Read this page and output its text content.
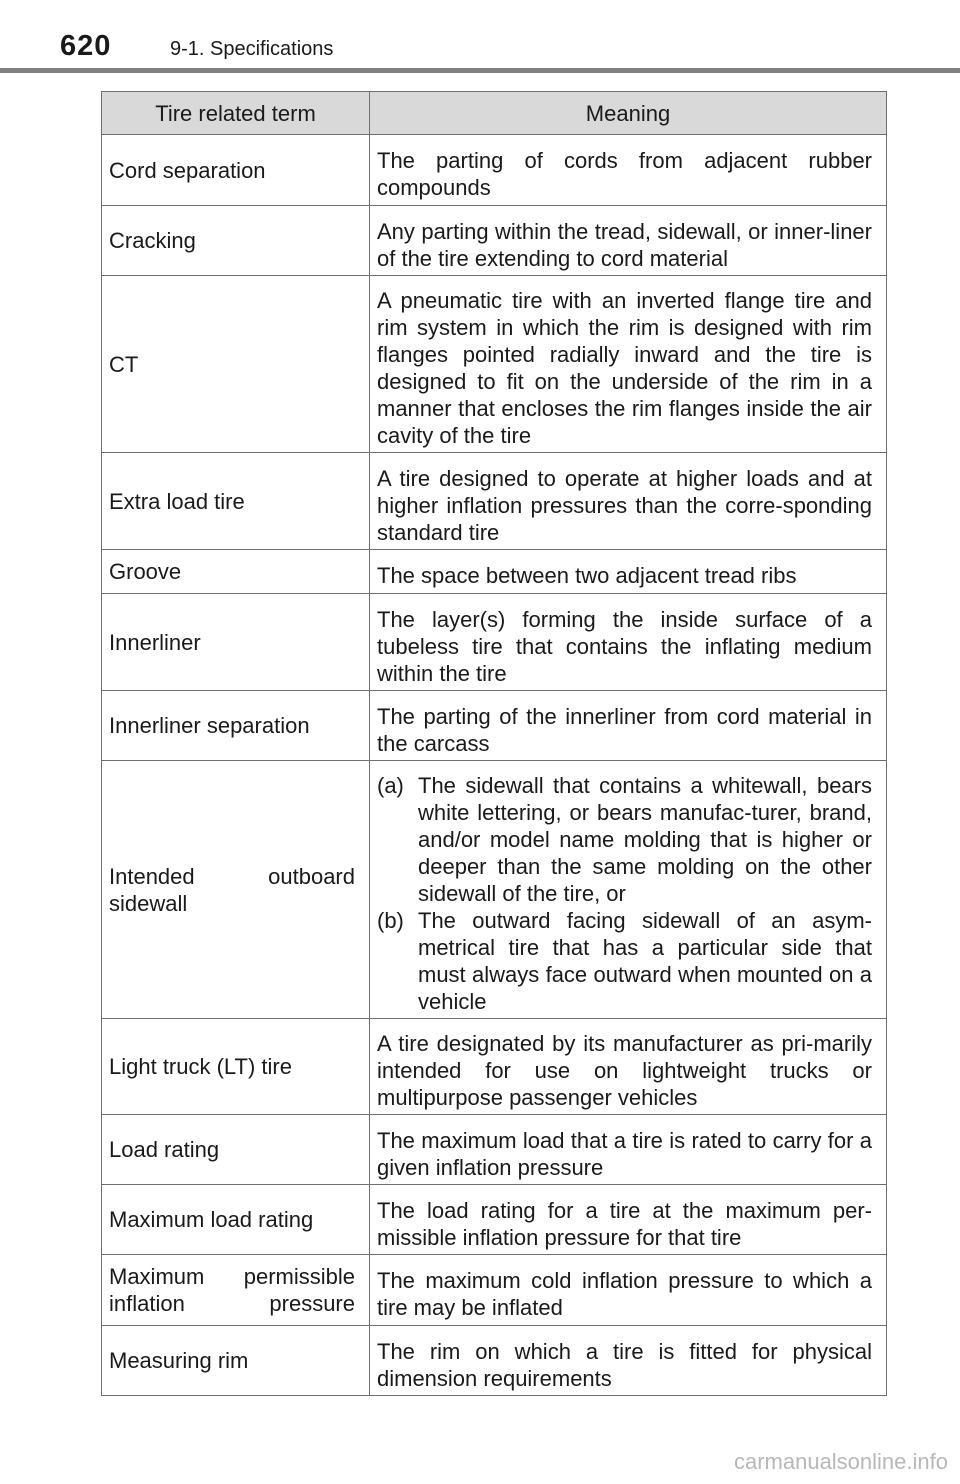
620	9-1. Specifications
Tire related term	Meaning
Cord separation	The parting of cords from adjacent rubber compounds
Cracking	Any parting within the tread, sidewall, or inner-liner of the tire extending to cord material
CT	A pneumatic tire with an inverted flange tire and rim system in which the rim is designed with rim flanges pointed radially inward and the tire is designed to fit on the underside of the rim in a manner that encloses the rim flanges inside the air cavity of the tire
Extra load tire	A tire designed to operate at higher loads and at higher inflation pressures than the corre-sponding standard tire
Groove	The space between two adjacent tread ribs
Innerliner	The layer(s) forming the inside surface of a tubeless tire that contains the inflating medium within the tire
Innerliner separation	The parting of the innerliner from cord material in the carcass

Intended outboard sidewall	(a) The sidewall that contains a whitewall, bears white lettering, or bears manufac-turer, brand, and/or model name molding that is higher or deeper than the same molding on the other sidewall of the tire, or
(b) The outward facing sidewall of an asym-metrical tire that has a particular side that must always face outward when mounted on a vehicle

Light truck (LT) tire	A tire designated by its manufacturer as pri-marily intended for use on lightweight trucks or multipurpose passenger vehicles
Load rating	The maximum load that a tire is rated to carry for a given inflation pressure
Maximum load rating	The load rating for a tire at the maximum per-missible inflation pressure for that tire

Maximum permissible inflation pressure	The maximum cold inflation pressure to which a tire may be inflated
Measuring rim	The rim on which a tire is fitted for physical dimension requirements
carmanualsonline.info
